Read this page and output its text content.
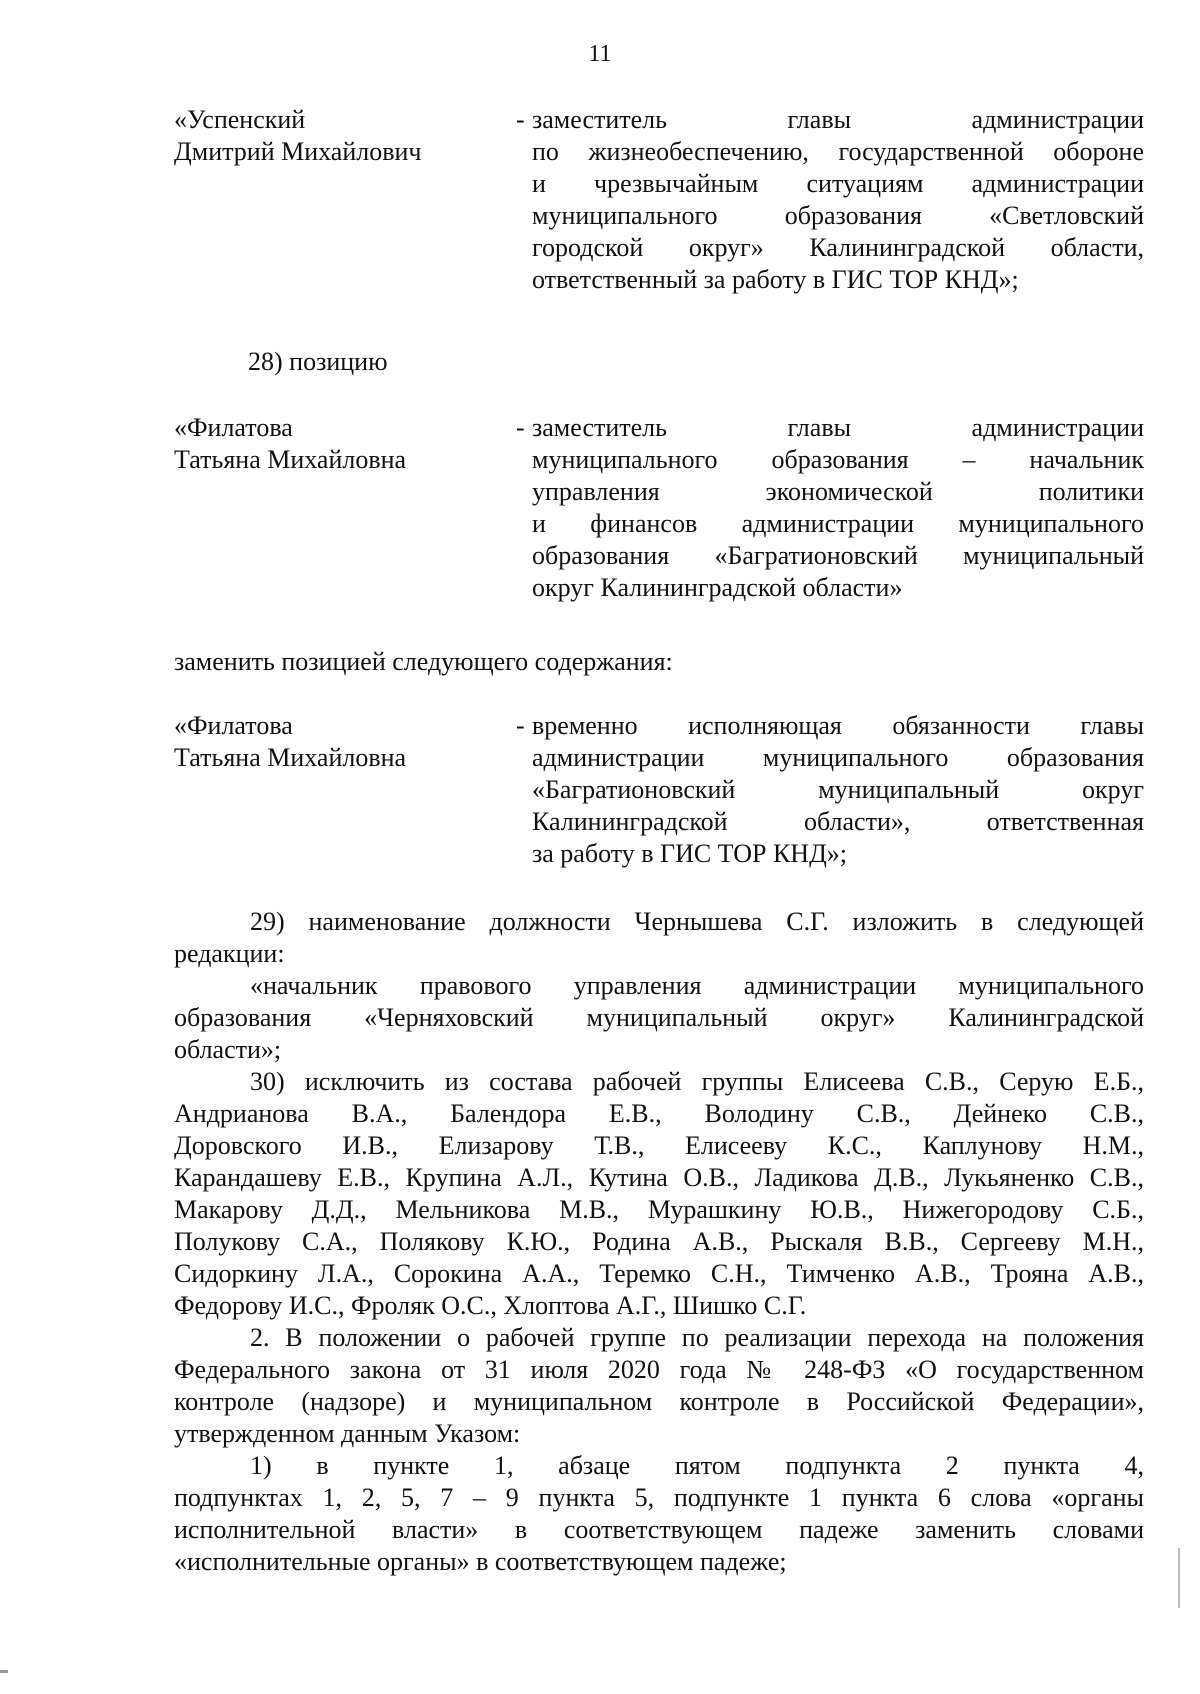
11
«Успенский
Дмитрий Михайлович
- заместитель главы администрации
по жизнеобеспечению, государственной обороне
и чрезвычайным ситуациям администрации
муниципального образования «Светловский
городской округ» Калининградской области,
ответственный за работу в ГИС ТОР КНД»;
28) позицию
«Филатова
Татьяна Михайловна
- заместитель главы администрации
муниципального образования – начальник
управления экономической политики
и финансов администрации муниципального
образования «Багратионовский муниципальный
округ Калининградской области»
заменить позицией следующего содержания:
«Филатова
Татьяна Михайловна
- временно исполняющая обязанности главы
администрации муниципального образования
«Багратионовский муниципальный округ
Калининградской области», ответственная
за работу в ГИС ТОР КНД»;
29) наименование должности Чернышева С.Г. изложить в следующей
редакции:
«начальник правового управления администрации муниципального
образования «Черняховский муниципальный округ» Калининградской
области»;
30) исключить из состава рабочей группы Елисеева С.В., Серую Е.Б.,
Андрианова В.А., Балендора Е.В., Володину С.В., Дейнеко С.В.,
Доровского И.В., Елизарову Т.В., Елисееву К.С., Каплунову Н.М.,
Карандашеву Е.В., Крупина А.Л., Кутина О.В., Ладикова Д.В., Лукьяненко С.В.,
Макарову Д.Д., Мельникова М.В., Мурашкину Ю.В., Нижегородову С.Б.,
Полукову С.А., Полякову К.Ю., Родина А.В., Рыскаля В.В., Сергееву М.Н.,
Сидоркину Л.А., Сорокина А.А., Теремко С.Н., Тимченко А.В., Трояна А.В.,
Федорову И.С., Фроляк О.С., Хлоптова А.Г., Шишко С.Г.
2. В положении о рабочей группе по реализации перехода на положения
Федерального закона от 31 июля 2020 года № 248-ФЗ «О государственном
контроле (надзоре) и муниципальном контроле в Российской Федерации»,
утвержденном данным Указом:
1) в пункте 1, абзаце пятом подпункта 2 пункта 4,
подпунктах 1, 2, 5, 7 – 9 пункта 5, подпункте 1 пункта 6 слова «органы
исполнительной власти» в соответствующем падеже заменить словами
«исполнительные органы» в соответствующем падеже;
